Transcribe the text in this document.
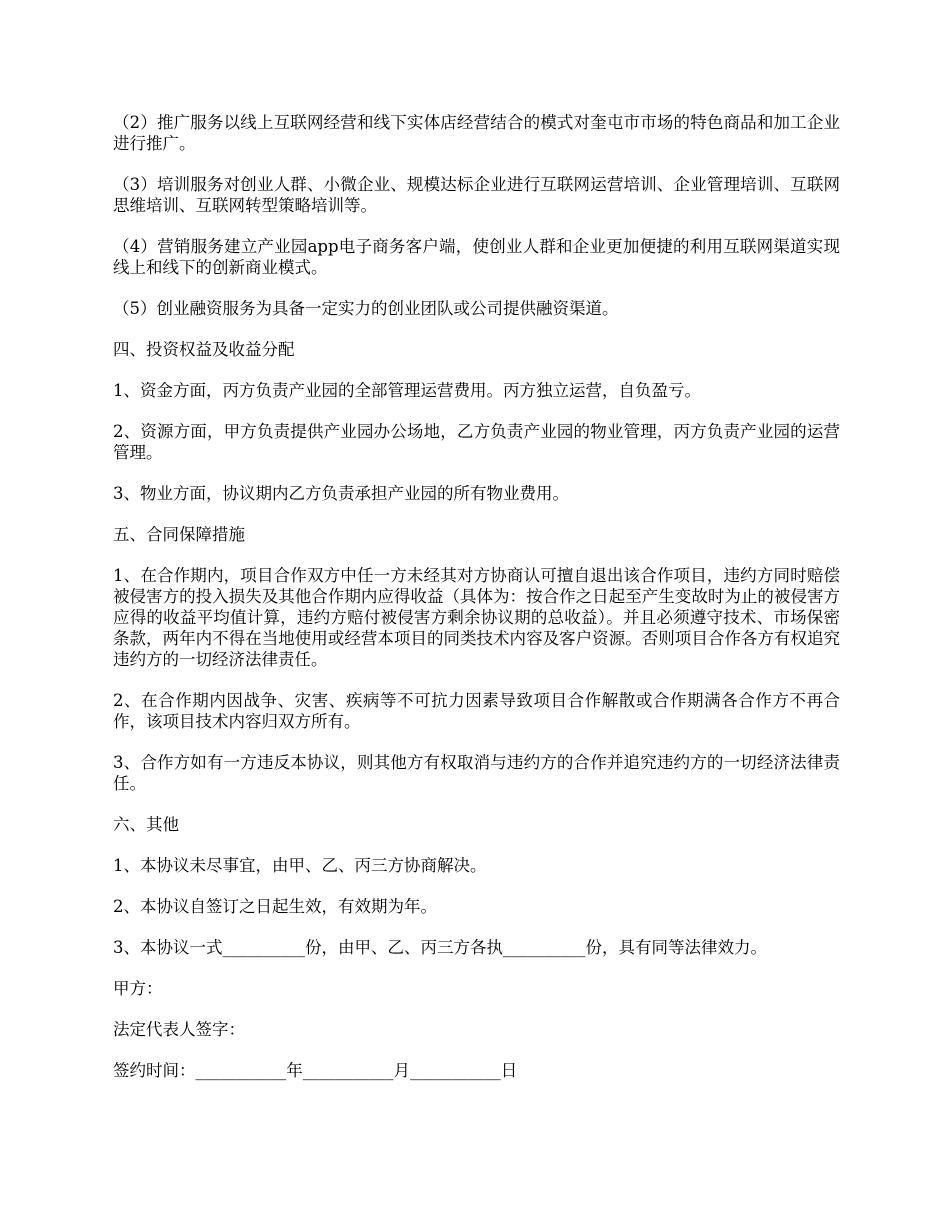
（2）推广服务以线上互联网经营和线下实体店经营结合的模式对奎屯市市场的特色商品和加工企业进行推广。

（3）培训服务对创业人群、小微企业、规模达标企业进行互联网运营培训、企业管理培训、互联网思维培训、互联网转型策略培训等。

（4）营销服务建立产业园app电子商务客户端，使创业人群和企业更加便捷的利用互联网渠道实现线上和线下的创新商业模式。

（5）创业融资服务为具备一定实力的创业团队或公司提供融资渠道。

四、投资权益及收益分配

1、资金方面，丙方负责产业园的全部管理运营费用。丙方独立运营，自负盈亏。

2、资源方面，甲方负责提供产业园办公场地，乙方负责产业园的物业管理，丙方负责产业园的运营管理。

3、物业方面，协议期内乙方负责承担产业园的所有物业费用。

五、合同保障措施

1、在合作期内，项目合作双方中任一方未经其对方协商认可擅自退出该合作项目，违约方同时赔偿被侵害方的投入损失及其他合作期内应得收益（具体为：按合作之日起至产生变故时为止的被侵害方应得的收益平均值计算，违约方赔付被侵害方剩余协议期的总收益）。并且必须遵守技术、市场保密条款，两年内不得在当地使用或经营本项目的同类技术内容及客户资源。否则项目合作各方有权追究违约方的一切经济法律责任。

2、在合作期内因战争、灾害、疾病等不可抗力因素导致项目合作解散或合作期满各合作方不再合作，该项目技术内容归双方所有。

3、合作方如有一方违反本协议，则其他方有权取消与违约方的合作并追究违约方的一切经济法律责任。

六、其他

1、本协议未尽事宜，由甲、乙、丙三方协商解决。

2、本协议自签订之日起生效，有效期为年。

3、本协议一式__________份，由甲、乙、丙三方各执__________份，具有同等法律效力。

甲方：

法定代表人签字：

签约时间：___________年___________月___________日
